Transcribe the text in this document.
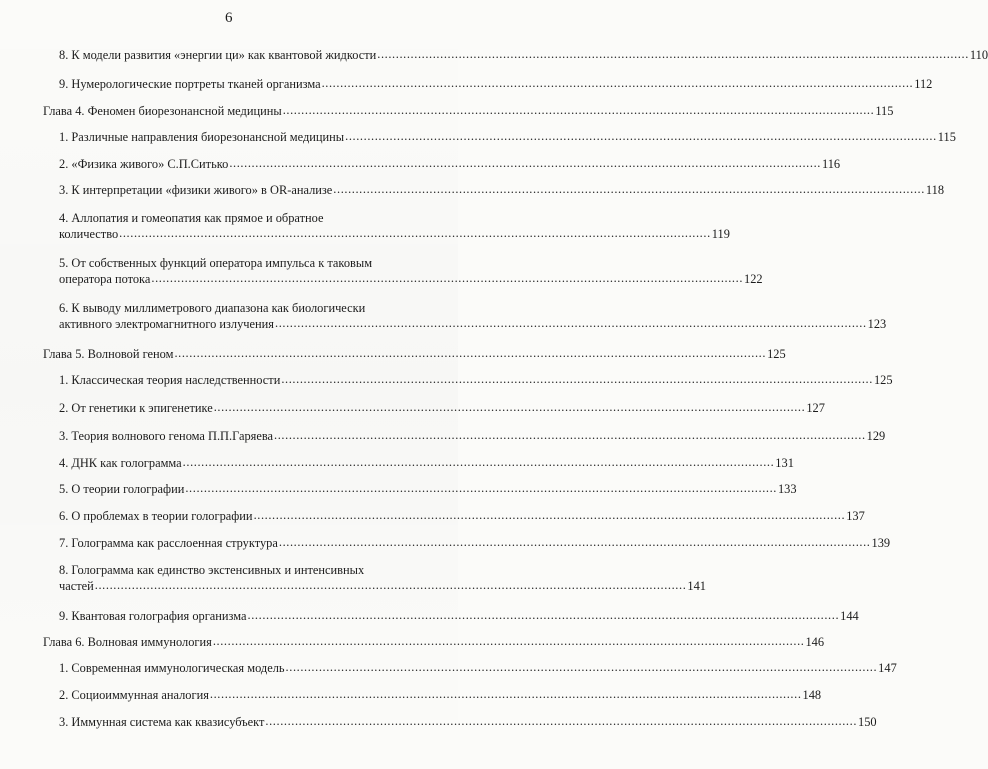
6
8. К модели развития «энергии ци» как квантовой жидкости .....	110
9. Нумерологические портреты тканей организма .....	112
Глава 4. Феномен биорезонансной медицины .....	115
1. Различные направления биорезонансной медицины .....	115
2. «Физика живого» С.П.Ситько .....	116
3. К интерпретации «физики живого» в OR-анализе .....	118
4. Аллопатия и гомеопатия как прямое и обратное
количество .....	119
5. От собственных функций оператора импульса к таковым
оператора потока .....	122
6. К выводу миллиметрового диапазона как биологически
активного электромагнитного излучения .....	123
Глава 5. Волновой геном .....	125
1. Классическая теория наследственности .....	125
2. От генетики к эпигенетике .....	127
3. Теория волнового генома П.П.Гаряева .....	129
4. ДНК как голограмма .....	131
5. О теории голографии .....	133
6. О проблемах в теории голографии .....	137
7. Голограмма как расслоенная структура .....	139
8. Голограмма как единство экстенсивных и интенсивных
частей .....	141
9. Квантовая голография организма .....	144
Глава 6. Волновая иммунология .....	146
1. Современная иммунологическая модель .....	147
2. Социоиммунная аналогия .....	148
3. Иммунная система как квазисубъект .....	150
